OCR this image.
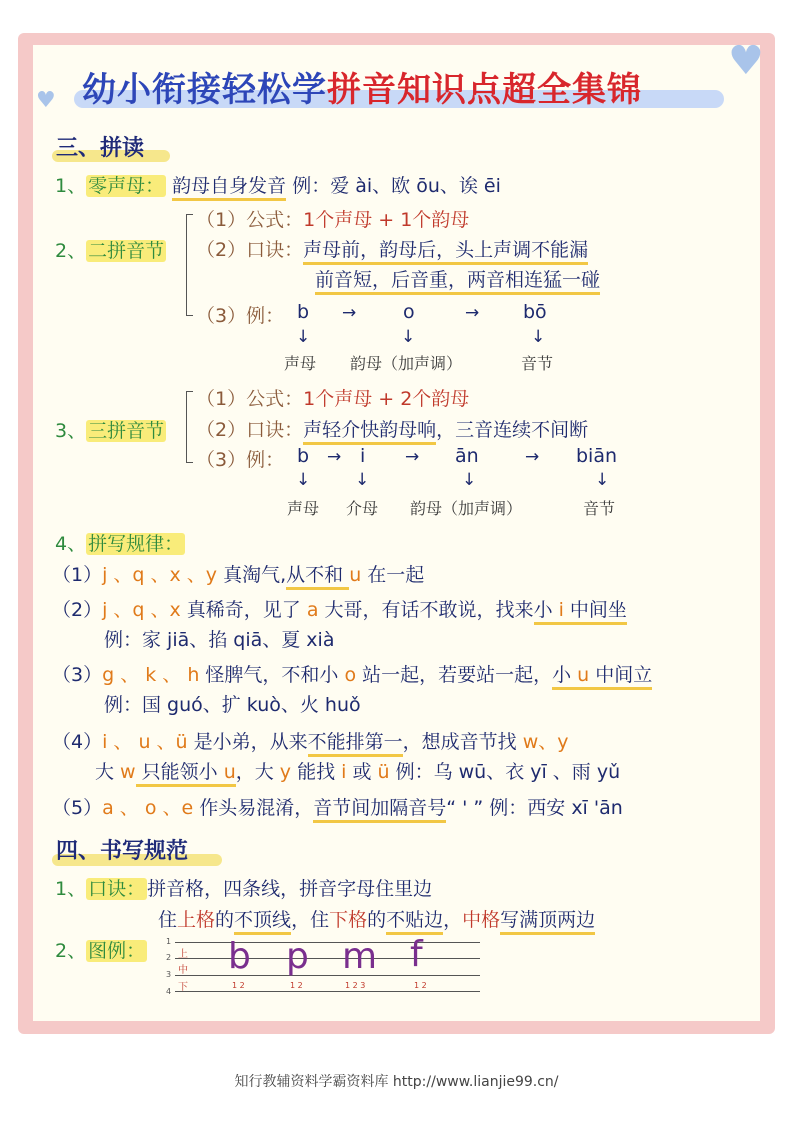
♥
♥ 幼小衔接轻松学拼音知识点超全集锦
三、拼读
1、 零声母： 韵母自身发音 例：爱 ài、欧 ōu、诶 ēi
2、 二拼音节
（1）公式：1个声母 + 1个韵母
（2）口诀：声母前，韵母后，头上声调不能漏
前音短，后音重，两音相连猛一碰
（3）例： b → o	→ bō
↓	↓	↓
声母 韵母（加声调）	音节
3、 三拼音节
（1）公式：1个声母 + 2个韵母
（2）口诀：声轻介快韵母响，三音连续不间断
（3）例： b → i → ān	→ biān
↓	↓	↓	↓
声母 介母 韵母（加声调）	音节
4、 拼写规律：
（1）j 、q 、x 、y 真淘气,从不和 u 在一起
（2）j 、q 、x 真稀奇，见了 a 大哥，有话不敢说，找来小 i 中间坐
例：家 jiā、掐 qiā、夏 xià
（3）g 、 k 、 h 怪脾气，不和小 o 站一起，若要站一起，小 u 中间立
例：国 guó、扩 kuò、火 huǒ
（4）i 、 u 、ü 是小弟，从来不能排第一，想成音节找 w、y
大 w 只能领小 u，大 y 能找 i 或 ü 例：乌 wū、衣 yī 、雨 yǔ
（5）a 、 o 、e 作头易混淆，音节间加隔音号“ ' ” 例：西安 xī 'ān
四、书写规范
1、 口诀： 拼音格，四条线，拼音字母住里边
住上格的不顶线，住下格的不贴边，中格写满顶两边
2、 图例：	1
2
3
4
上
中
下
b p m f
1 2	1 2	1 2 3	1 2
知行教辅资料学霸资料库 http://www.lianjie99.cn/
